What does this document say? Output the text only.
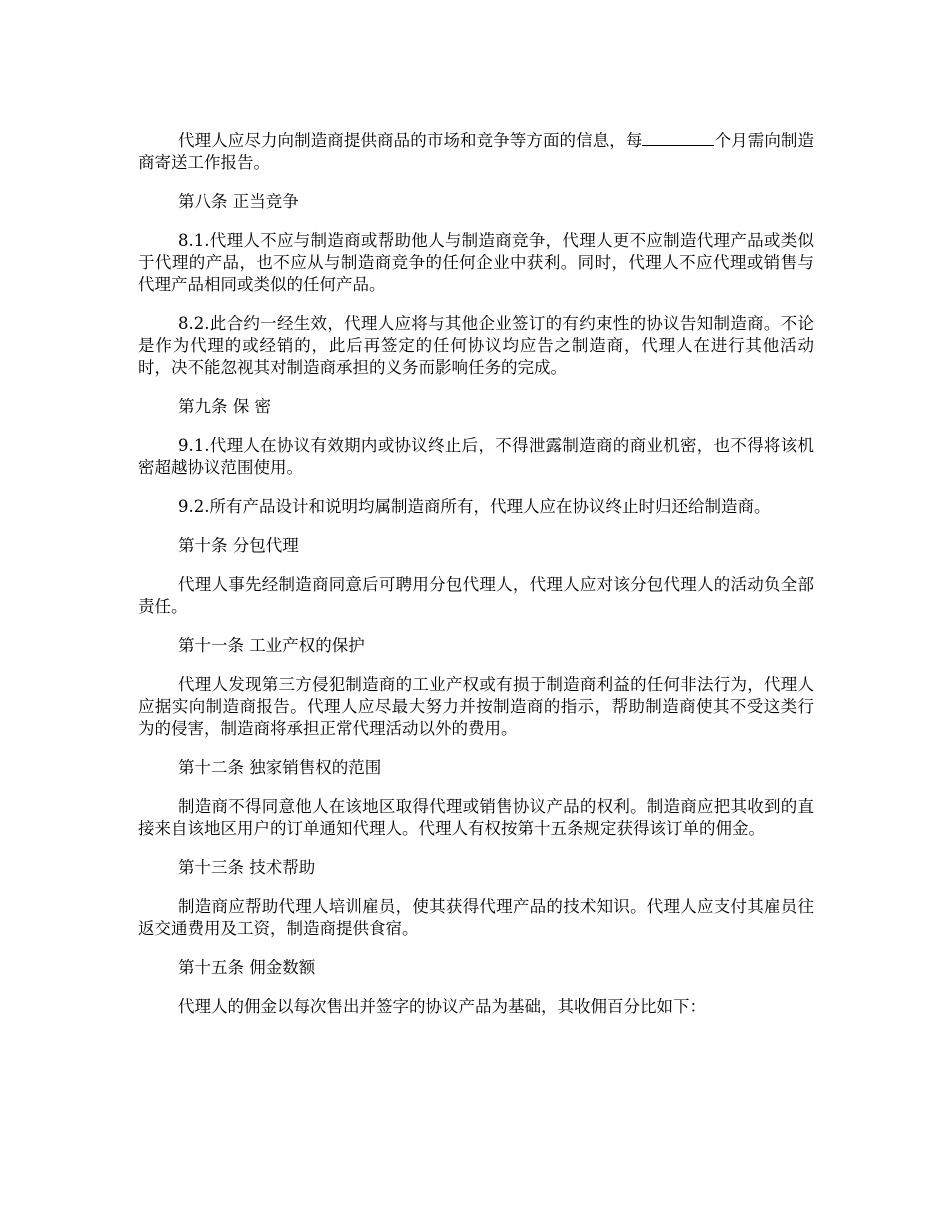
代理人应尽力向制造商提供商品的市场和竞争等方面的信息，每	个月需向制造商寄送工作报告。

第八条 正当竞争

8.1.代理人不应与制造商或帮助他人与制造商竞争，代理人更不应制造代理产品或类似于代理的产品，也不应从与制造商竞争的任何企业中获利。同时，代理人不应代理或销售与代理产品相同或类似的任何产品。

8.2.此合约一经生效，代理人应将与其他企业签订的有约束性的协议告知制造商。不论是作为代理的或经销的，此后再签定的任何协议均应告之制造商，代理人在进行其他活动时，决不能忽视其对制造商承担的义务而影响任务的完成。

第九条 保 密

9.1.代理人在协议有效期内或协议终止后，不得泄露制造商的商业机密，也不得将该机密超越协议范围使用。

9.2.所有产品设计和说明均属制造商所有，代理人应在协议终止时归还给制造商。

第十条 分包代理

代理人事先经制造商同意后可聘用分包代理人，代理人应对该分包代理人的活动负全部责任。

第十一条 工业产权的保护

代理人发现第三方侵犯制造商的工业产权或有损于制造商利益的任何非法行为，代理人应据实向制造商报告。代理人应尽最大努力并按制造商的指示，帮助制造商使其不受这类行为的侵害，制造商将承担正常代理活动以外的费用。

第十二条 独家销售权的范围

制造商不得同意他人在该地区取得代理或销售协议产品的权利。制造商应把其收到的直接来自该地区用户的订单通知代理人。代理人有权按第十五条规定获得该订单的佣金。

第十三条 技术帮助

制造商应帮助代理人培训雇员，使其获得代理产品的技术知识。代理人应支付其雇员往返交通费用及工资，制造商提供食宿。

第十五条 佣金数额

代理人的佣金以每次售出并签字的协议产品为基础，其收佣百分比如下：
